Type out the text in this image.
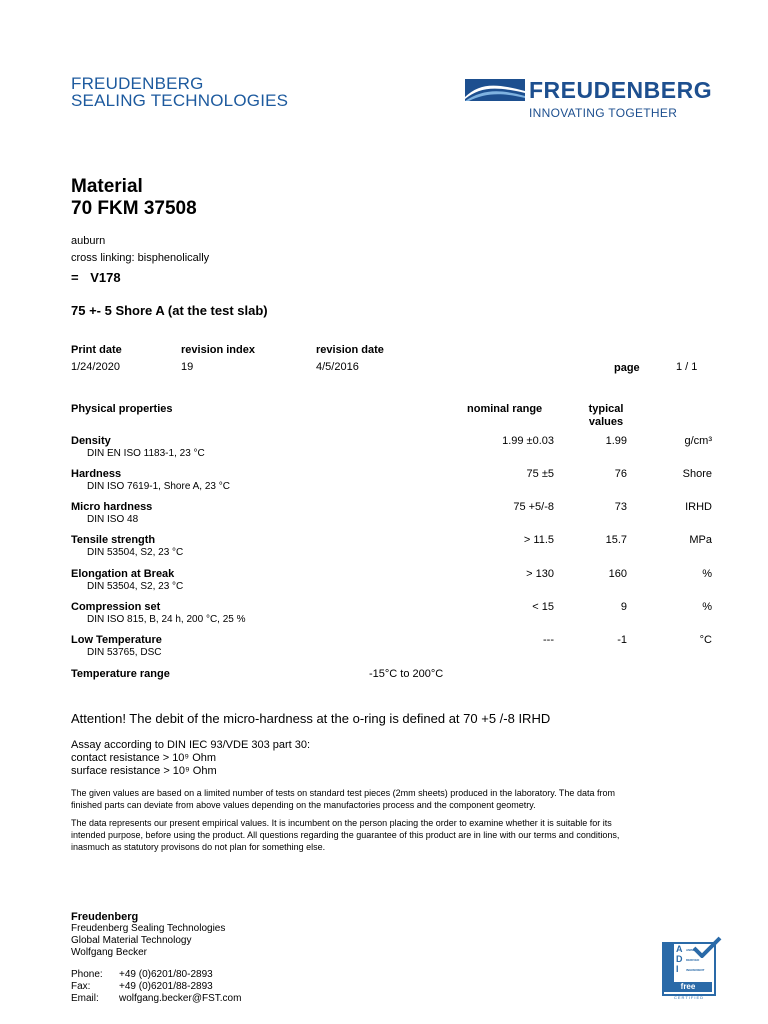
FREUDENBERG
SEALING TECHNOLOGIES	FREUDENBERG
INNOVATING TOGETHER
Material
70 FKM 37508
auburn
cross linking: bisphenolically
= V178
75 +- 5 Shore A (at the test slab)
Print date	revision index	revision date
1/24/2020	19	4/5/2016	page	1 / 1
Physical properties	nominal range	typical
values
Density
DIN EN ISO 1183-1, 23 °C
1.99 ±0.03	1.99	g/cm³
Hardness
DIN ISO 7619-1, Shore A, 23 °C
75 ±5	76	Shore
Micro hardness
DIN ISO 48
75 +5/-8	73	IRHD
Tensile strength
DIN 53504, S2, 23 °C
> 11.5	15.7	MPa
Elongation at Break
DIN 53504, S2, 23 °C
> 130	160	%
Compression set
DIN ISO 815, B, 24 h, 200 °C, 25 %
< 15	9	%
Low Temperature
DIN 53765, DSC
---	-1	°C
Temperature range	-15°C to 200°C
Attention! The debit of the micro-hardness at the o-ring is defined at 70 +5 /-8 IRHD
Assay according to DIN IEC 93/VDE 303 part 30:
contact resistance > 10⁹ Ohm
surface resistance > 10⁹ Ohm
The given values are based on a limited number of tests on standard test pieces (2mm sheets) produced in the laboratory. The data from
finished parts can deviate from above values depending on the manufactories process and the component geometry.
The data represents our present empirical values. It is incumbent on the person placing the order to examine whether it is suitable for its
intended purpose, before using the product. All questions regarding the guarantee of this product are in line with our terms and conditions,
inasmuch as statutory provisons do not plan for something else.
Freudenberg
Freudenberg Sealing Technologies
Global Material Technology
Wolfgang Becker
Phone: +49 (0)6201/80-2893
Fax:	+49 (0)6201/88-2893
Email: wolfgang.becker@FST.com
A
D
I
ANIMAL
DERIVED
INGREDIENT
free
CERTIFIED
